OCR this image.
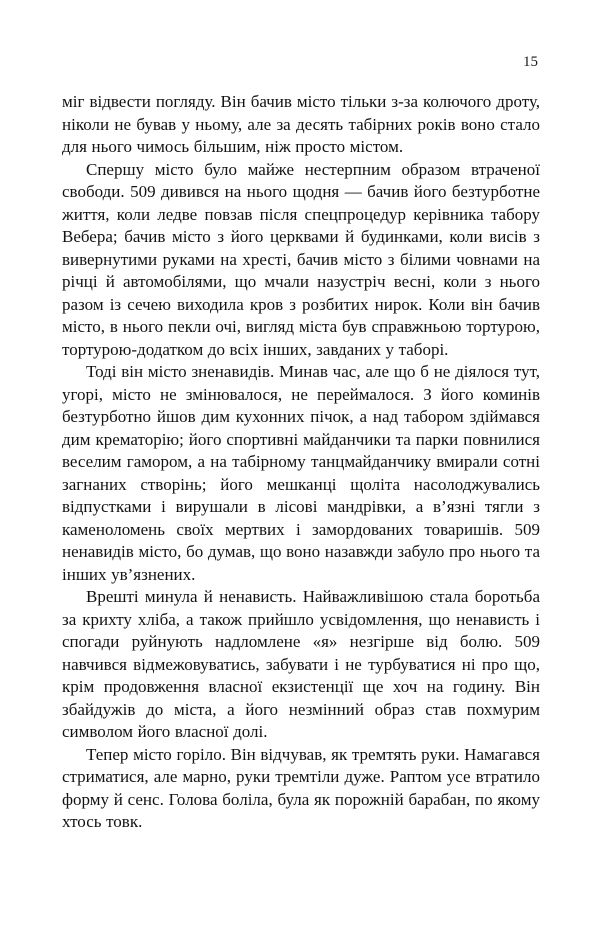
15

міг відвести погляду. Він бачив місто тільки з-за колючого дроту, ніколи не бував у ньому, але за десять табірних років воно стало для нього чимось більшим, ніж просто містом.

Спершу місто було майже нестерпним образом втраченої свободи. 509 дивився на нього щодня — бачив його безтурботне життя, коли ледве повзав після спецпроцедур керівника табору Вебера; бачив місто з його церквами й будинками, коли висів з вивернутими руками на хресті, бачив місто з білими човнами на річці й автомобілями, що мчали назустріч весні, коли з нього разом із сечею виходила кров з розбитих нирок. Коли він бачив місто, в нього пекли очі, вигляд міста був справжньою тортурою, тортурою-додатком до всіх інших, завданих у таборі.

Тоді він місто зненавидів. Минав час, але що б не діялося тут, угорі, місто не змінювалося, не переймалося. З його коминів безтурботно йшов дим кухонних пічок, а над табором здіймався дим крематорію; його спортивні майданчики та парки повнилися веселим гамором, а на табірному танцмайданчику вмирали сотні загнаних створінь; його мешканці щоліта насолоджувались відпустками і вирушали в лісові мандрівки, а в’язні тягли з каменоломень своїх мертвих і замордованих товаришів. 509 ненавидів місто, бо думав, що воно назавжди забуло про нього та інших ув’язнених.

Врешті минула й ненависть. Найважливішою стала боротьба за крихту хліба, а також прийшло усвідомлення, що ненависть і спогади руйнують надломлене «я» незгірше від болю. 509 навчився відмежовуватись, забувати і не турбуватися ні про що, крім продовження власної екзистенції ще хоч на годину. Він збайдужів до міста, а його незмінний образ став похмурим символом його власної долі.

Тепер місто горіло. Він відчував, як тремтять руки. Намагався стриматися, але марно, руки тремтіли дуже. Раптом усе втратило форму й сенс. Голова боліла, була як порожній барабан, по якому хтось товк.
